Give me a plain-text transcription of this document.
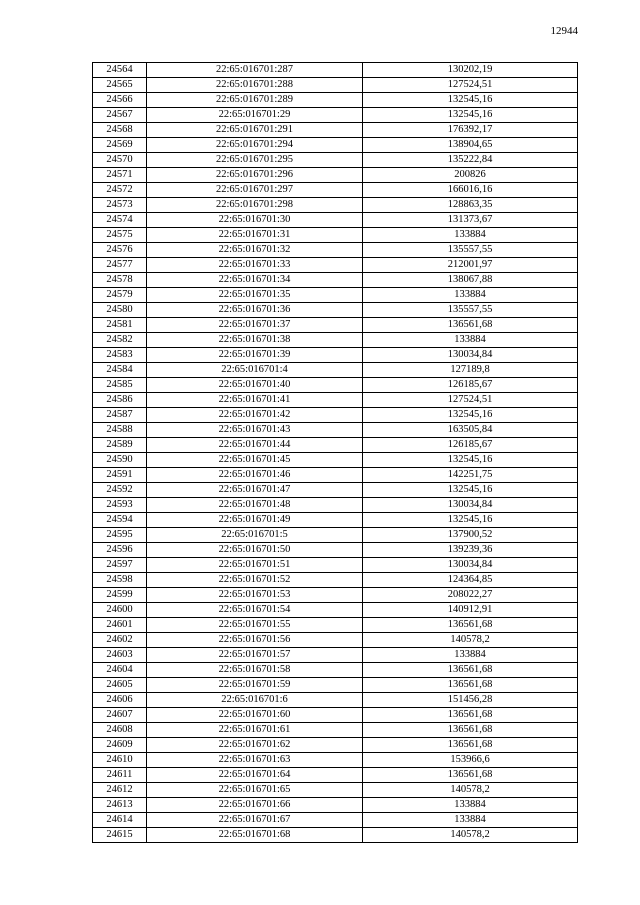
12944
24564	22:65:016701:287	130202,19
24565	22:65:016701:288	127524,51
24566	22:65:016701:289	132545,16
24567	22:65:016701:29	132545,16
24568	22:65:016701:291	176392,17
24569	22:65:016701:294	138904,65
24570	22:65:016701:295	135222,84
24571	22:65:016701:296	200826
24572	22:65:016701:297	166016,16
24573	22:65:016701:298	128863,35
24574	22:65:016701:30	131373,67
24575	22:65:016701:31	133884
24576	22:65:016701:32	135557,55
24577	22:65:016701:33	212001,97
24578	22:65:016701:34	138067,88
24579	22:65:016701:35	133884
24580	22:65:016701:36	135557,55
24581	22:65:016701:37	136561,68
24582	22:65:016701:38	133884
24583	22:65:016701:39	130034,84
24584	22:65:016701:4	127189,8
24585	22:65:016701:40	126185,67
24586	22:65:016701:41	127524,51
24587	22:65:016701:42	132545,16
24588	22:65:016701:43	163505,84
24589	22:65:016701:44	126185,67
24590	22:65:016701:45	132545,16
24591	22:65:016701:46	142251,75
24592	22:65:016701:47	132545,16
24593	22:65:016701:48	130034,84
24594	22:65:016701:49	132545,16
24595	22:65:016701:5	137900,52
24596	22:65:016701:50	139239,36
24597	22:65:016701:51	130034,84
24598	22:65:016701:52	124364,85
24599	22:65:016701:53	208022,27
24600	22:65:016701:54	140912,91
24601	22:65:016701:55	136561,68
24602	22:65:016701:56	140578,2
24603	22:65:016701:57	133884
24604	22:65:016701:58	136561,68
24605	22:65:016701:59	136561,68
24606	22:65:016701:6	151456,28
24607	22:65:016701:60	136561,68
24608	22:65:016701:61	136561,68
24609	22:65:016701:62	136561,68
24610	22:65:016701:63	153966,6
24611	22:65:016701:64	136561,68
24612	22:65:016701:65	140578,2
24613	22:65:016701:66	133884
24614	22:65:016701:67	133884
24615	22:65:016701:68	140578,2
